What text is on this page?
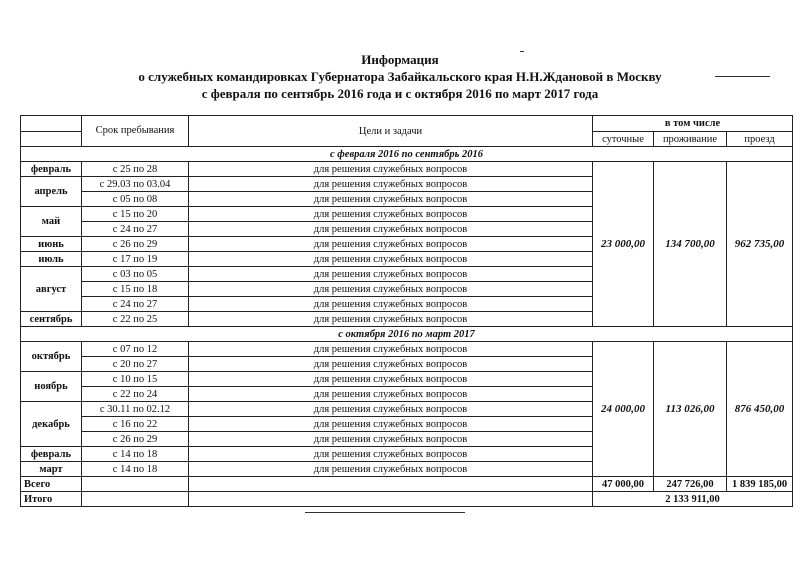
Информация
о служебных командировках Губернатора Забайкальского края Н.Н.Ждановой в Москву
с февраля по сентябрь 2016 года и с октября 2016 по март 2017 года
	Срок пребывания	Цели и задачи	в том числе		
			суточные	проживание	проезд
с февраля 2016 по сентябрь 2016					
февраль	с 25 по 28	для решения служебных вопросов	23 000,00	134 700,00	962 735,00
апрель	с 29.03 по 03.04	для решения служебных вопросов			
	с 05 по 08	для решения служебных вопросов			
май	с 15 по 20	для решения служебных вопросов			
	с 24 по 27	для решения служебных вопросов			
июнь	с 26 по 29	для решения служебных вопросов			
июль	с 17 по 19	для решения служебных вопросов			
август	с 03 по 05	для решения служебных вопросов			
	с 15 по 18	для решения служебных вопросов			
	с 24 по 27	для решения служебных вопросов			
сентябрь	с 22 по 25	для решения служебных вопросов			
с октября 2016 по март 2017					
октябрь	с 07 по 12	для решения служебных вопросов	24 000,00	113 026,00	876 450,00
	с 20 по 27	для решения служебных вопросов			
ноябрь	с 10 по 15	для решения служебных вопросов			
	с 22 по 24	для решения служебных вопросов			
декабрь	с 30.11 по 02.12	для решения служебных вопросов			
	с 16 по 22	для решения служебных вопросов			
	с 26 по 29	для решения служебных вопросов			
февраль	с 14 по 18	для решения служебных вопросов			
март	с 14 по 18	для решения служебных вопросов			
Всего			47 000,00	247 726,00	1 839 185,00
Итого			2 133 911,00		
